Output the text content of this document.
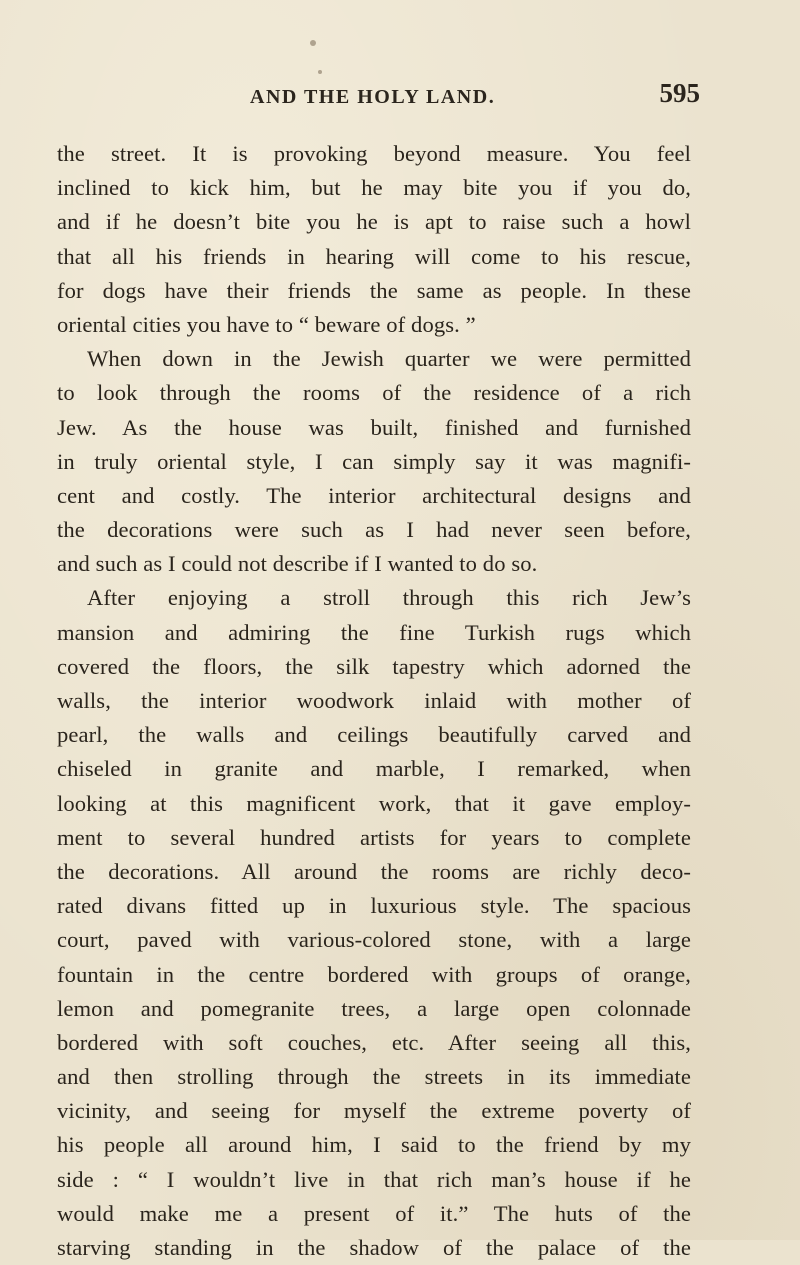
AND THE HOLY LAND.	595
the street. It is provoking beyond measure. You feel
inclined to kick him, but he may bite you if you do,
and if he doesn’t bite you he is apt to raise such a howl
that all his friends in hearing will come to his rescue,
for dogs have their friends the same as people. In these
oriental cities you have to “ beware of dogs. ”
When down in the Jewish quarter we were permitted
to look through the rooms of the residence of a rich
Jew. As the house was built, finished and furnished
in truly oriental style, I can simply say it was magnifi-
cent and costly. The interior architectural designs and
the decorations were such as I had never seen before,
and such as I could not describe if I wanted to do so.
After enjoying a stroll through this rich Jew’s
mansion and admiring the fine Turkish rugs which
covered the floors, the silk tapestry which adorned the
walls, the interior woodwork inlaid with mother of
pearl, the walls and ceilings beautifully carved and
chiseled in granite and marble, I remarked, when
looking at this magnificent work, that it gave employ-
ment to several hundred artists for years to complete
the decorations. All around the rooms are richly deco-
rated divans fitted up in luxurious style. The spacious
court, paved with various-colored stone, with a large
fountain in the centre bordered with groups of orange,
lemon and pomegranite trees, a large open colonnade
bordered with soft couches, etc. After seeing all this,
and then strolling through the streets in its immediate
vicinity, and seeing for myself the extreme poverty of
his people all around him, I said to the friend by my
side : “ I wouldn’t live in that rich man’s house if he
would make me a present of it.” The huts of the
starving standing in the shadow of the palace of the
